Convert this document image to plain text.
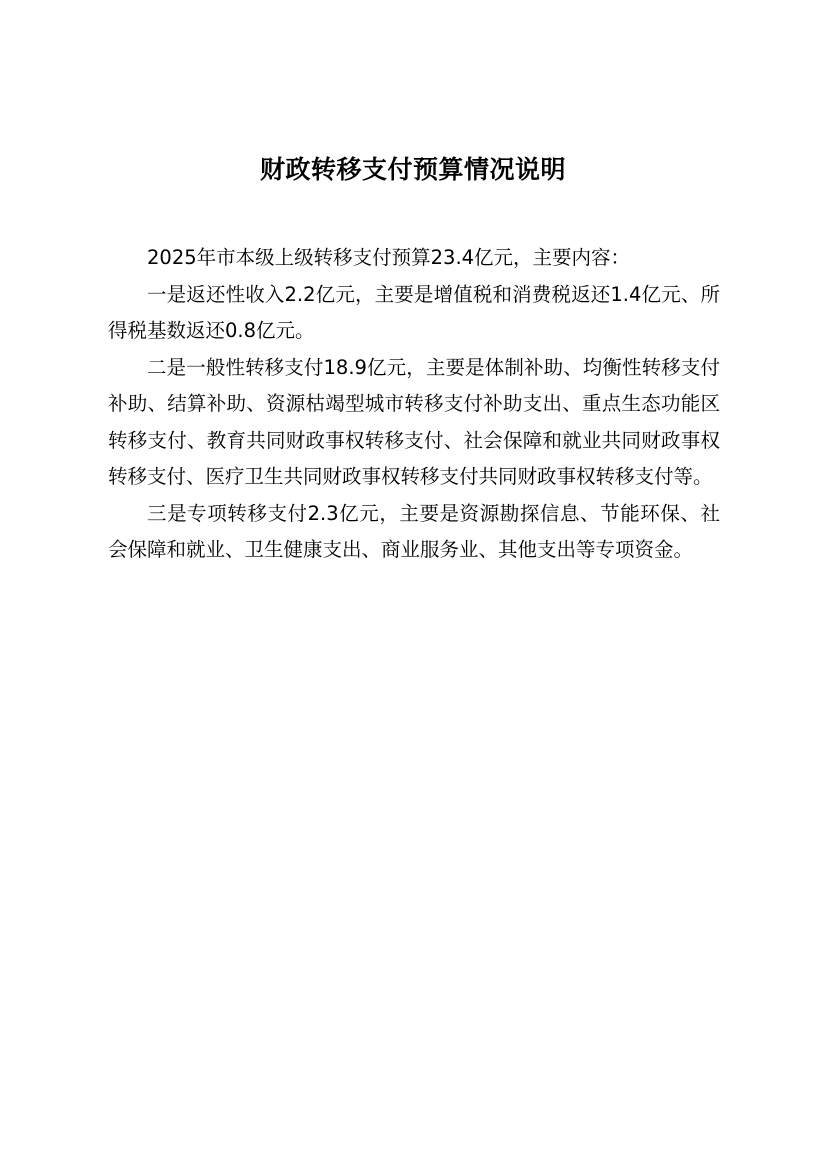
财政转移支付预算情况说明

2025年市本级上级转移支付预算23.4亿元，主要内容：

一是返还性收入2.2亿元，主要是增值税和消费税返还1.4亿元、所得税基数返还0.8亿元。

二是一般性转移支付18.9亿元，主要是体制补助、均衡性转移支付补助、结算补助、资源枯竭型城市转移支付补助支出、重点生态功能区转移支付、教育共同财政事权转移支付、社会保障和就业共同财政事权转移支付、医疗卫生共同财政事权转移支付共同财政事权转移支付等。

三是专项转移支付2.3亿元，主要是资源勘探信息、节能环保、社会保障和就业、卫生健康支出、商业服务业、其他支出等专项资金。
